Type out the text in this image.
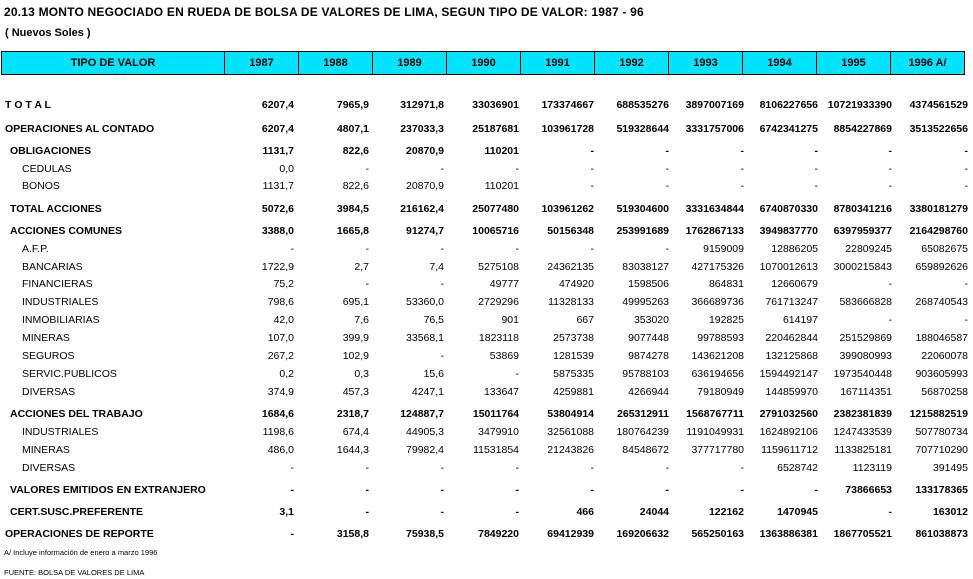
20.13 MONTO NEGOCIADO EN RUEDA DE BOLSA DE VALORES DE LIMA, SEGUN TIPO DE VALOR: 1987 - 96
( Nuevos Soles )
TIPO DE VALOR	1987	1988	1989	1990	1991	1992	1993	1994	1995	1996 A/
T O T A L	6207,4	7965,9	312971,8	33036901	173374667	688535276	3897007169	8106227656 10721933390	4374561529
OPERACIONES AL CONTADO	6207,4	4807,1	237033,3	25187681	103961728	519328644	3331757006	6742341275	8854227869	3513522656
OBLIGACIONES	1131,7	822,6	20870,9	110201	-	-	-	-	-	-
CEDULAS	0,0	-	-	-	-	-	-	-	-	-
BONOS	1131,7	822,6	20870,9	110201	-	-	-	-	-	-
TOTAL ACCIONES	5072,6	3984,5	216162,4	25077480	103961262	519304600	3331634844	6740870330	8780341216	3380181279
ACCIONES COMUNES	3388,0	1665,8	91274,7	10065716	50156348	253991689	1762867133	3949837770	6397959377	2164298760
A.F.P.	-	-	-	-	-	-	9159009	12886205	22809245	65082675
BANCARIAS	1722,9	2,7	7,4	5275108	24362135	83038127	427175326	1070012613	3000215843	659892626
FINANCIERAS	75,2	-	-	49777	474920	1598506	864831	12660679	-	-
INDUSTRIALES	798,6	695,1	53360,0	2729296	11328133	49995263	366689736	761713247	583666828	268740543
INMOBILIARIAS	42,0	7,6	76,5	901	667	353020	192825	614197	-	-
MINERAS	107,0	399,9	33568,1	1823118	2573738	9077448	99788593	220462844	251529869	188046587
SEGUROS	267,2	102,9	-	53869	1281539	9874278	143621208	132125868	399080993	22060078
SERVIC.PUBLICOS	0,2	0,3	15,6	-	5875335	95788103	636194656	1594492147	1973540448	903605993
DIVERSAS	374,9	457,3	4247,1	133647	4259881	4266944	79180949	144859970	167114351	56870258
ACCIONES DEL TRABAJO	1684,6	2318,7	124887,7	15011764	53804914	265312911	1568767711	2791032560	2382381839	1215882519
INDUSTRIALES	1198,6	674,4	44905,3	3479910	32561088	180764239	1191049931	1624892106	1247433539	507780734
MINERAS	486,0	1644,3	79982,4	11531854	21243826	84548672	377717780	1159611712	1133825181	707710290
DIVERSAS	-	-	-	-	-	-	-	6528742	1123119	391495
VALORES EMITIDOS EN EXTRANJERO	-	-	-	-	-	-	-	-	73866653	133178365
CERT.SUSC.PREFERENTE	3,1	-	-	-	466	24044	122162	1470945	-	163012
OPERACIONES DE REPORTE	-	3158,8	75938,5	7849220	69412939	169206632	565250163	1363886381	1867705521	861038873
A/ Incluye información de enero a marzo 1996
FUENTE: BOLSA DE VALORES DE LIMA
